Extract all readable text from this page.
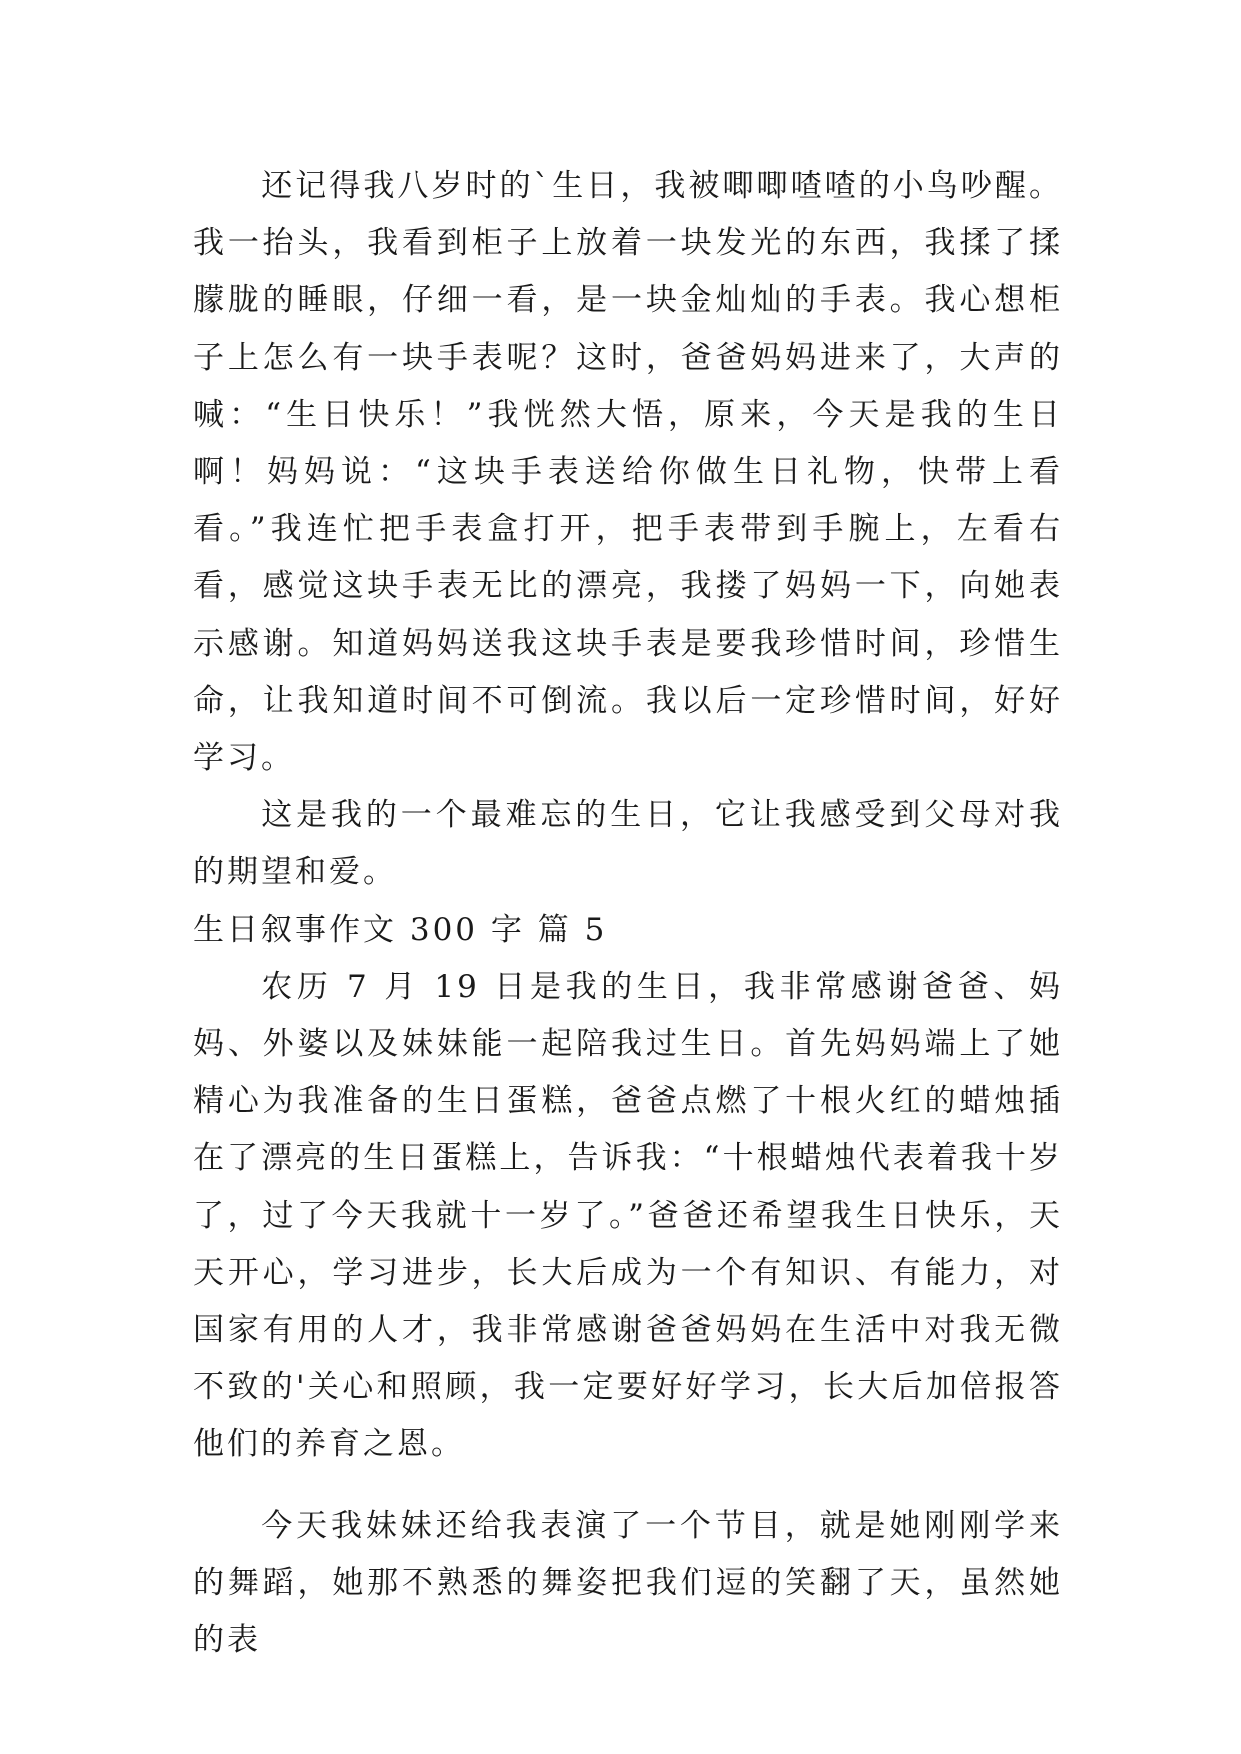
还记得我八岁时的`生日，我被唧唧喳喳的小鸟吵醒。我一抬头，我看到柜子上放着一块发光的东西，我揉了揉朦胧的睡眼，仔细一看，是一块金灿灿的手表。我心想柜子上怎么有一块手表呢？这时，爸爸妈妈进来了，大声的喊：“生日快乐！”我恍然大悟，原来，今天是我的生日啊！妈妈说：“这块手表送给你做生日礼物，快带上看看。”我连忙把手表盒打开，把手表带到手腕上，左看右看，感觉这块手表无比的漂亮，我搂了妈妈一下，向她表示感谢。知道妈妈送我这块手表是要我珍惜时间，珍惜生命，让我知道时间不可倒流。我以后一定珍惜时间，好好学习。

这是我的一个最难忘的生日，它让我感受到父母对我的期望和爱。

生日叙事作文 300 字 篇 5

农历 7 月 19 日是我的生日，我非常感谢爸爸、妈妈、外婆以及妹妹能一起陪我过生日。首先妈妈端上了她精心为我准备的生日蛋糕，爸爸点燃了十根火红的蜡烛插在了漂亮的生日蛋糕上，告诉我：“十根蜡烛代表着我十岁了，过了今天我就十一岁了。”爸爸还希望我生日快乐，天天开心，学习进步，长大后成为一个有知识、有能力，对国家有用的人才，我非常感谢爸爸妈妈在生活中对我无微不致的'关心和照顾，我一定要好好学习，长大后加倍报答他们的养育之恩。

今天我妹妹还给我表演了一个节目，就是她刚刚学来的舞蹈，她那不熟悉的舞姿把我们逗的笑翻了天，虽然她的表
